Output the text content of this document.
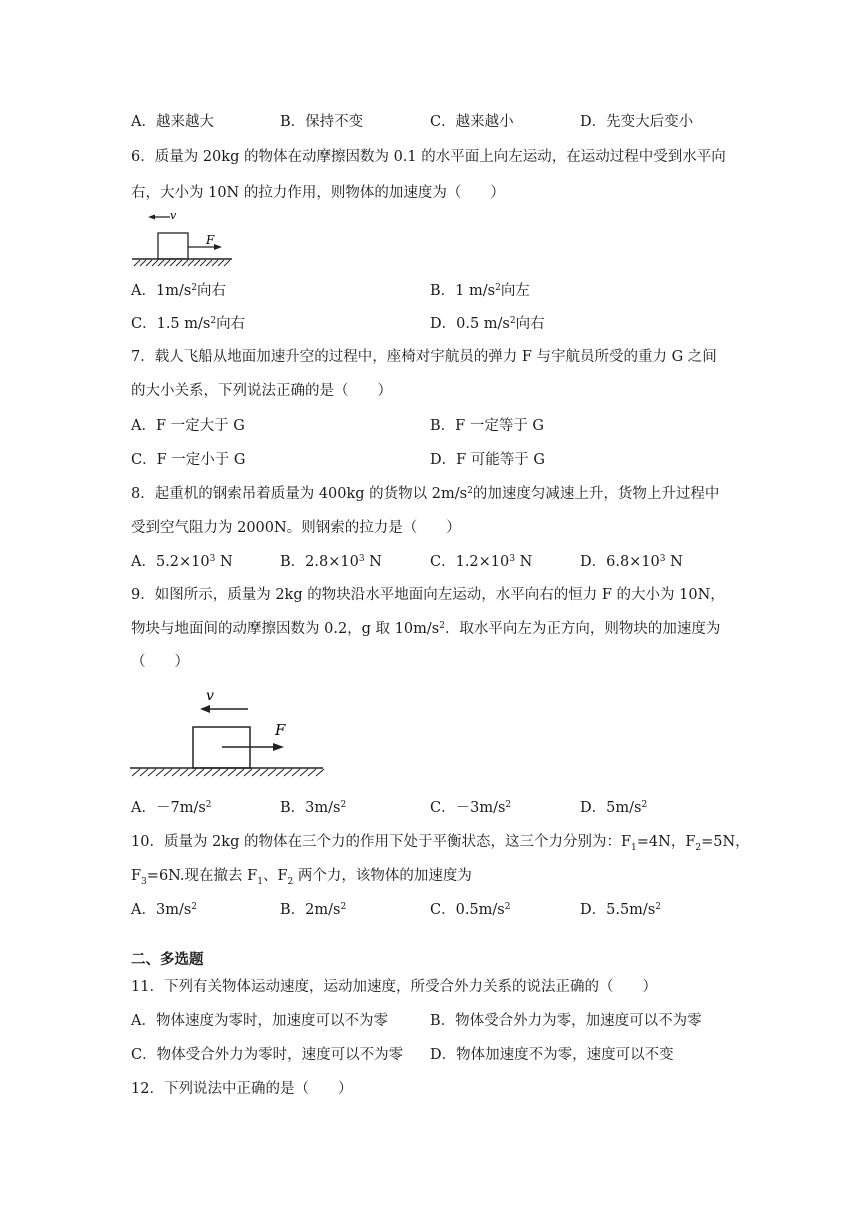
A．越来越大	B．保持不变	C．越来越小	D．先变大后变小
6．质量为 20kg 的物体在动摩擦因数为 0.1 的水平面上向左运动，在运动过程中受到水平向
右，大小为 10N 的拉力作用，则物体的加速度为（　　）
F
v
A．$1m/s^2$向右	B．1 $m/s^2$向左
C．1.5 $m/s^2$向右	D．0.5 $m/s^2$向右
7．载人飞船从地面加速升空的过程中，座椅对宇航员的弹力 F 与宇航员所受的重力 G 之间
的大小关系，下列说法正确的是（　　）
A．F 一定大于 G	B．F 一定等于 G
C．F 一定小于 G	D．F 可能等于 G
8．起重机的钢索吊着质量为 400kg 的货物以 $2m/s^2$的加速度匀减速上升，货物上升过程中
受到空气阻力为 2000N。则钢索的拉力是（　　）
A．$5.2\times 10^3$ N	B．$2.8\times 10^3$ N	C．$1.2\times 10^3$ N	D．$6.8\times 10^3$ N
9．如图所示，质量为 2kg 的物块沿水平地面向左运动，水平向右的恒力 F 的大小为 10N，
物块与地面间的动摩擦因数为 0.2，g 取 $10m/s^2$．取水平向左为正方向，则物块的加速度为
（　　）
F
v
A．$-7m/s^2$	B．$3m/s^2$	C．$-3m/s^2$	D．$5m/s^2$
10．质量为 2kg 的物体在三个力的作用下处于平衡状态，这三个力分别为：$F_1=4N$，$F_2=5N$，
$F_3=6N$.现在撤去 $F_1$、$F_2$ 两个力，该物体的加速度为
A．$3m/s^2$	B．$2m/s^2$	C．$0.5m/s^2$	D．$5.5m/s^2$
二、多选题
11．下列有关物体运动速度，运动加速度，所受合外力关系的说法正确的（　　）
A．物体速度为零时，加速度可以不为零	B．物体受合外力为零，加速度可以不为零
C．物体受合外力为零时，速度可以不为零 D．物体加速度不为零，速度可以不变
12．下列说法中正确的是（　　）
